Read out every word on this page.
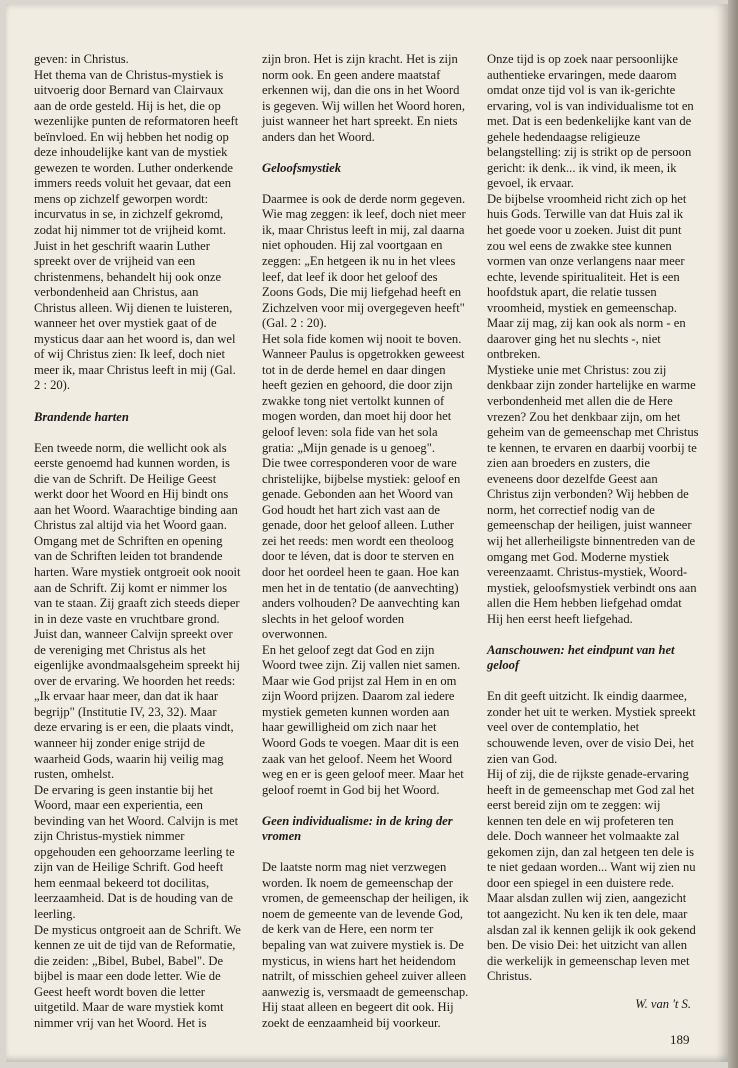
geven: in Christus.

Het thema van de Christus-mystiek is uitvoerig door Bernard van Clairvaux aan de orde gesteld. Hij is het, die op wezenlijke punten de reformatoren heeft beïnvloed. En wij hebben het nodig op deze inhoudelijke kant van de mystiek gewezen te worden. Luther onderkende immers reeds voluit het gevaar, dat een mens op zichzelf geworpen wordt: incurvatus in se, in zichzelf gekromd, zodat hij nimmer tot de vrijheid komt. Juist in het geschrift waarin Luther spreekt over de vrijheid van een christenmens, behandelt hij ook onze verbondenheid aan Christus, aan Christus alleen. Wij dienen te luisteren, wanneer het over mystiek gaat of de mysticus daar aan het woord is, dan wel of wij Christus zien: Ik leef, doch niet meer ik, maar Christus leeft in mij (Gal. 2 : 20).

Brandende harten

Een tweede norm, die wellicht ook als eerste genoemd had kunnen worden, is die van de Schrift. De Heilige Geest werkt door het Woord en Hij bindt ons aan het Woord. Waarachtige binding aan Christus zal altijd via het Woord gaan. Omgang met de Schriften en opening van de Schriften leiden tot brandende harten. Ware mystiek ontgroeit ook nooit aan de Schrift. Zij komt er nimmer los van te staan. Zij graaft zich steeds dieper in in deze vaste en vruchtbare grond.

Juist dan, wanneer Calvijn spreekt over de vereniging met Christus als het eigenlijke avondmaalsgeheim spreekt hij over de ervaring. We hoorden het reeds: „Ik ervaar haar meer, dan dat ik haar begrijp" (Institutie IV, 23, 32). Maar deze ervaring is er een, die plaats vindt, wanneer hij zonder enige strijd de waarheid Gods, waarin hij veilig mag rusten, omhelst.

De ervaring is geen instantie bij het Woord, maar een experientia, een bevinding van het Woord. Calvijn is met zijn Christus-mystiek nimmer opgehouden een gehoorzame leerling te zijn van de Heilige Schrift. God heeft hem eenmaal bekeerd tot docilitas, leerzaamheid. Dat is de houding van de leerling.

De mysticus ontgroeit aan de Schrift. We kennen ze uit de tijd van de Reformatie, die zeiden: „Bibel, Bubel, Babel". De bijbel is maar een dode letter. Wie de Geest heeft wordt boven die letter uitgetild. Maar de ware mystiek komt nimmer vrij van het Woord. Het is

zijn bron. Het is zijn kracht. Het is zijn norm ook. En geen andere maatstaf erkennen wij, dan die ons in het Woord is gegeven. Wij willen het Woord horen, juist wanneer het hart spreekt. En niets anders dan het Woord.

Geloofsmystiek

Daarmee is ook de derde norm gegeven. Wie mag zeggen: ik leef, doch niet meer ik, maar Christus leeft in mij, zal daarna niet ophouden. Hij zal voortgaan en zeggen: „En hetgeen ik nu in het vlees leef, dat leef ik door het geloof des Zoons Gods, Die mij liefgehad heeft en Zichzelven voor mij overgegeven heeft" (Gal. 2 : 20).

Het sola fide komen wij nooit te boven. Wanneer Paulus is opgetrokken geweest tot in de derde hemel en daar dingen heeft gezien en gehoord, die door zijn zwakke tong niet vertolkt kunnen of mogen worden, dan moet hij door het geloof leven: sola fide van het sola gratia: „Mijn genade is u genoeg".

Die twee corresponderen voor de ware christelijke, bijbelse mystiek: geloof en genade. Gebonden aan het Woord van God houdt het hart zich vast aan de genade, door het geloof alleen. Luther zei het reeds: men wordt een theoloog door te léven, dat is door te sterven en door het oordeel heen te gaan. Hoe kan men het in de tentatio (de aanvechting) anders volhouden? De aanvechting kan slechts in het geloof worden overwonnen.

En het geloof zegt dat God en zijn Woord twee zijn. Zij vallen niet samen. Maar wie God prijst zal Hem in en om zijn Woord prijzen. Daarom zal iedere mystiek gemeten kunnen worden aan haar gewilligheid om zich naar het Woord Gods te voegen. Maar dit is een zaak van het geloof. Neem het Woord weg en er is geen geloof meer. Maar het geloof roemt in God bij het Woord.

Geen individualisme: in de kring der vromen

De laatste norm mag niet verzwegen worden. Ik noem de gemeenschap der vromen, de gemeenschap der heiligen, ik noem de gemeente van de levende God, de kerk van de Here, een norm ter bepaling van wat zuivere mystiek is. De mysticus, in wiens hart het heidendom natrilt, of misschien geheel zuiver alleen aanwezig is, versmaadt de gemeenschap. Hij staat alleen en begeert dit ook. Hij zoekt de eenzaamheid bij voorkeur.

Onze tijd is op zoek naar persoonlijke authentieke ervaringen, mede daarom omdat onze tijd vol is van ik-gerichte ervaring, vol is van individualisme tot en met. Dat is een bedenkelijke kant van de gehele hedendaagse religieuze belangstelling: zij is strikt op de persoon gericht: ik denk... ik vind, ik meen, ik gevoel, ik ervaar.

De bijbelse vroomheid richt zich op het huis Gods. Terwille van dat Huis zal ik het goede voor u zoeken. Juist dit punt zou wel eens de zwakke stee kunnen vormen van onze verlangens naar meer echte, levende spiritualiteit. Het is een hoofdstuk apart, die relatie tussen vroomheid, mystiek en gemeenschap. Maar zij mag, zij kan ook als norm - en daarover ging het nu slechts -, niet ontbreken.

Mystieke unie met Christus: zou zij denkbaar zijn zonder hartelijke en warme verbondenheid met allen die de Here vrezen? Zou het denkbaar zijn, om het geheim van de gemeenschap met Christus te kennen, te ervaren en daarbij voorbij te zien aan broeders en zusters, die eveneens door dezelfde Geest aan Christus zijn verbonden? Wij hebben de norm, het correctief nodig van de gemeenschap der heiligen, juist wanneer wij het allerheiligste binnentreden van de omgang met God. Moderne mystiek vereenzaamt. Christus-mystiek, Woord-mystiek, geloofsmystiek verbindt ons aan allen die Hem hebben liefgehad omdat Hij hen eerst heeft liefgehad.

Aanschouwen: het eindpunt van het geloof

En dit geeft uitzicht. Ik eindig daarmee, zonder het uit te werken. Mystiek spreekt veel over de contemplatio, het schouwende leven, over de visio Dei, het zien van God.

Hij of zij, die de rijkste genade-ervaring heeft in de gemeenschap met God zal het eerst bereid zijn om te zeggen: wij kennen ten dele en wij profeteren ten dele. Doch wanneer het volmaakte zal gekomen zijn, dan zal hetgeen ten dele is te niet gedaan worden... Want wij zien nu door een spiegel in een duistere rede. Maar alsdan zullen wij zien, aangezicht tot aangezicht. Nu ken ik ten dele, maar alsdan zal ik kennen gelijk ik ook gekend ben. De visio Dei: het uitzicht van allen die werkelijk in gemeenschap leven met Christus.

W. van 't S.

189
